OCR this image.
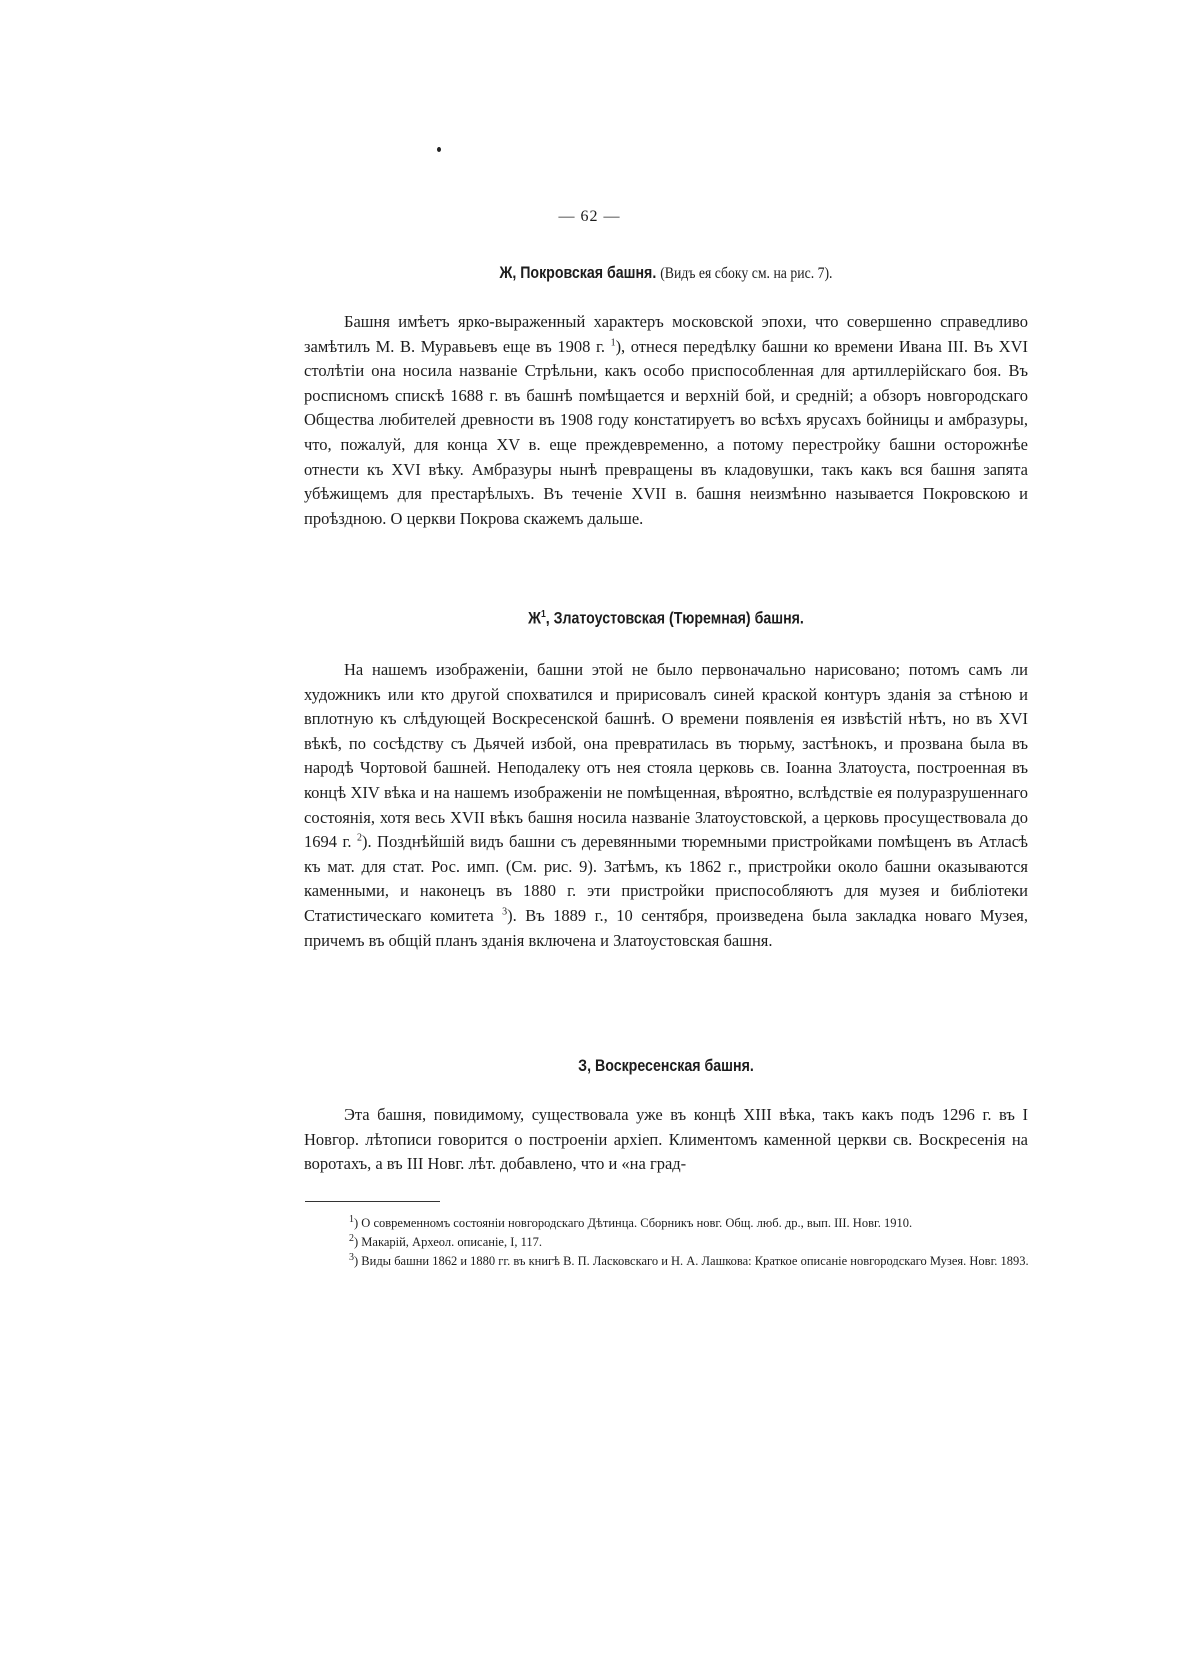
— 62 —
Ж, Покровская башня. (Видъ ея сбоку см. на рис. 7).

Башня имѣетъ ярко-выраженный характеръ московской эпохи, что совершенно справедливо замѣтилъ М. В. Муравьевъ еще въ 1908 г. $^1$), отнеся передѣлку башни ко времени Ивана III. Въ XVI столѣтіи она носила названіе Стрѣльни, какъ особо приспособленная для артиллерійскаго боя. Въ росписномъ спискѣ 1688 г. въ башнѣ помѣщается и верхній бой, и средній; а обзоръ новгородскаго Общества любителей древности въ 1908 году констатируетъ во всѣхъ ярусахъ бойницы и амбразуры, что, пожалуй, для конца XV в. еще преждевременно, а потому перестройку башни осторожнѣе отнести къ XVI вѣку. Амбразуры нынѣ превращены въ кладовушки, такъ какъ вся башня запята убѣжищемъ для престарѣлыхъ. Въ теченіе XVII в. башня неизмѣнно называется Покровскою и проѣздною. О церкви Покрова скажемъ дальше.

$Ж^1$, Златоустовская (Тюремная) башня.

На нашемъ изображеніи, башни этой не было первоначально нарисовано; потомъ самъ ли художникъ или кто другой спохватился и пририсовалъ синей краской контуръ зданія за стѣною и вплотную къ слѣдующей Воскресенской башнѣ. О времени появленія ея извѣстій нѣтъ, но въ XVI вѣкѣ, по сосѣдству съ Дьячей избой, она превратилась въ тюрьму, застѣнокъ, и прозвана была въ народѣ Чортовой башней. Неподалеку отъ нея стояла церковь св. Іоанна Златоуста, построенная въ концѣ XIV вѣка и на нашемъ изображеніи не помѣщенная, вѣроятно, вслѣдствіе ея полуразрушеннаго состоянія, хотя весь XVII вѣкъ башня носила названіе Златоустовской, а церковь просуществовала до 1694 г. $^2$). Позднѣйшій видъ башни съ деревянными тюремными пристройками помѣщенъ въ Атласѣ къ мат. для стат. Рос. имп. (См. рис. 9). Затѣмъ, къ 1862 г., пристройки около башни оказываются каменными, и наконецъ въ 1880 г. эти пристройки приспособляютъ для музея и библіотеки Статистическаго комитета $^3$). Въ 1889 г., 10 сентября, произведена была закладка новаго Музея, причемъ въ общій планъ зданія включена и Златоустовская башня.

З, Воскресенская башня.

Эта башня, повидимому, существовала уже въ концѣ XIII вѣка, такъ какъ подъ 1296 г. въ I Новгор. лѣтописи говорится о построеніи архіеп. Климентомъ каменной церкви св. Воскресенія на воротахъ, а въ III Новг. лѣт. добавлено, что и «на град-

$^1$) О современномъ состояніи новгородскаго Дѣтинца. Сборникъ новг. Общ. люб. др., вып. III. Новг. 1910.

$^2$) Макарій, Археол. описаніе, I, 117.

$^3$) Виды башни 1862 и 1880 гг. въ книгѣ В. П. Ласковскаго и Н. А. Лашкова: Краткое описаніе новгородскаго Музея. Новг. 1893.
